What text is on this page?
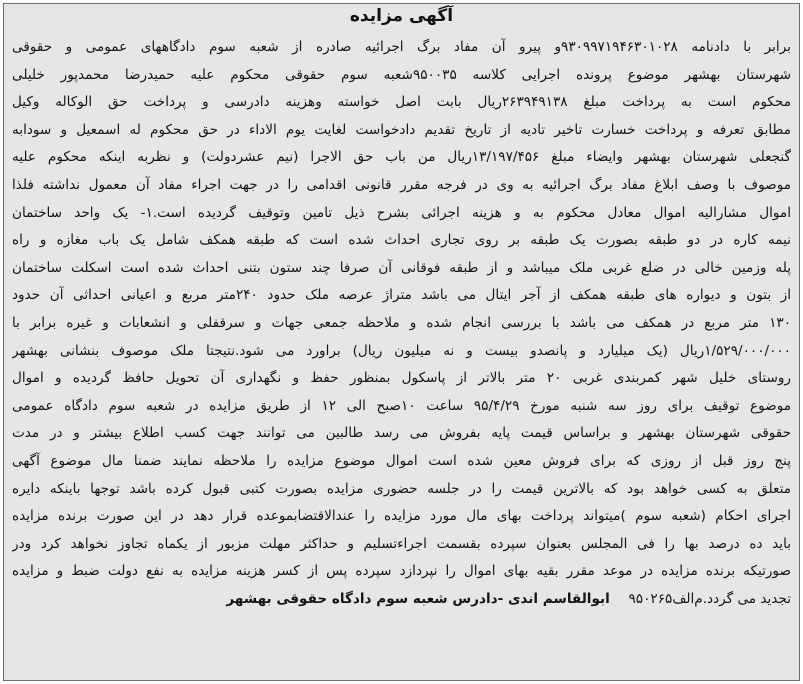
آگهی مزایده
برابر با دادنامه ۹۳۰۹۹۷۱۹۴۶۳۰۱۰۲۸و پیرو آن مفاد برگ اجرائیه صادره از شعبه سوم دادگاههای عمومی و حقوقی
شهرستان بهشهر موضوع پرونده اجرایی کلاسه ۹۵۰۰۳۵شعبه سوم حقوقی محکوم علیه حمیدرضا محمدپور خلیلی
محکوم است به پرداخت مبلغ ۲۶۳۹۴۹۱۳۸ریال بابت اصل خواسته وهزینه دادرسی و پرداخت حق الوکاله وکیل
مطابق تعرفه و پرداخت خسارت تاخیر تادیه از تاریخ تقدیم دادخواست لغایت یوم الاداء در حق محکوم له اسمعیل و سودابه
گنجعلی شهرستان بهشهر وایضاء مبلغ ۱۳/۱۹۷/۴۵۶ریال من باب حق الاجرا (نیم عشردولت) و نظربه اینکه محکوم علیه
موصوف با وصف ابلاغ مفاد برگ اجرائیه به وی در فرجه مقرر قانونی اقدامی را در جهت اجراء مفاد آن معمول نداشته فلذا
اموال مشارالیه اموال معادل محکوم به و هزینه اجرائی بشرح ذیل تامین وتوقیف گردیده است.۱- یک واحد ساختمان
نیمه کاره در دو طبقه بصورت یک طبقه بر روی تجاری احداث شده است که طبقه همکف شامل یک باب مغازه و راه
پله وزمین خالی در ضلع غربی ملک میباشد و از طبقه فوقانی آن صرفا چند ستون بتنی احداث شده است اسکلت ساختمان
از بتون و دیواره های طبقه همکف از آجر ایتال می باشد متراژ عرصه ملک حدود ۲۴۰متر مربع و اعیانی احداثی آن حدود
۱۳۰ متر مربع در همکف می باشد با بررسی انجام شده و ملاحظه جمعی جهات و سرقفلی و انشعابات و غیره برابر با
۱/۵۲۹/۰۰۰/۰۰۰ریال (یک میلیارد و پانصدو بیست و نه میلیون ریال) براورد می شود.نتیجتا ملک موصوف بنشانی بهشهر
روستای خلیل شهر کمربندی غربی ۲۰ متر بالاتر از پاسکول بمنظور حفظ و نگهداری آن تحویل حافظ گردیده و اموال
موضوع توقیف برای روز سه شنبه مورخ ۹۵/۴/۲۹ ساعت ۱۰صبح الی ۱۲ از طریق مزایده در شعبه سوم دادگاه عمومی
حقوقی شهرستان بهشهر و براساس قیمت پایه بفروش می رسد طالبین می توانند جهت کسب اطلاع بیشتر و در مدت
پنج روز قبل از روزی که برای فروش معین شده است اموال موضوع مزایده را ملاحظه نمایند ضمنا مال موضوع آگهی
متعلق به کسی خواهد بود که بالاترین قیمت را در جلسه حضوری مزایده بصورت کتبی قبول کرده باشد توجها باینکه دایره
اجرای احکام (شعبه سوم )میتواند پرداخت بهای مال مورد مزایده را عندالاقتضابموعده قرار دهد در این صورت برنده مزایده
باید ده درصد بها را فی المجلس بعنوان سپرده بقسمت اجراءتسلیم و حداکثر مهلت مزبور از یکماه تجاوز نخواهد کرد ودر
صورتیکه برنده مزایده در موعد مقرر بقیه بهای اموال را نپردازد سپرده پس از کسر هزینه مزایده به نفع دولت ضبط و مزایده
تجدید می گردد.م‌الف۹۵۰۲۶۵ ابوالقاسم اندی -دادرس شعبه سوم دادگاه حقوقی بهشهر
